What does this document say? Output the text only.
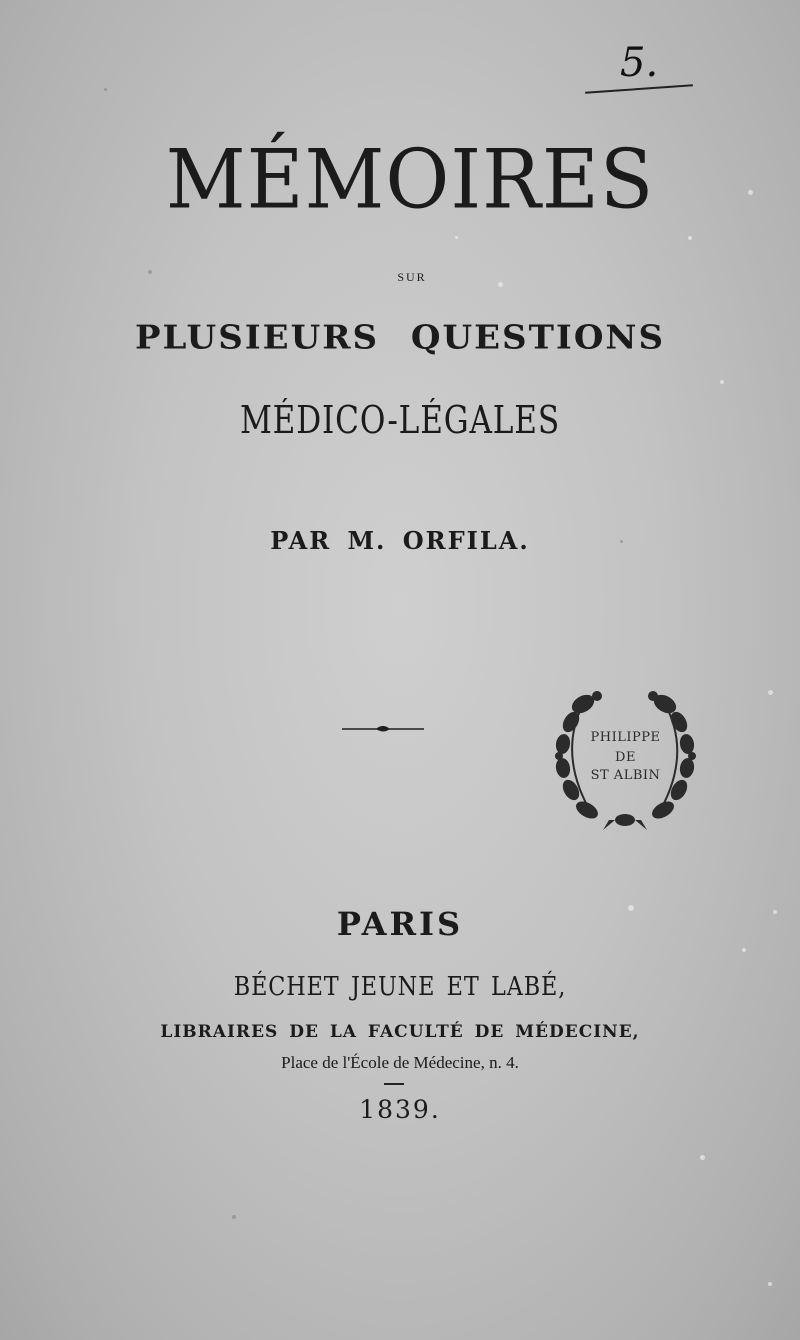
5.
MÉMOIRES
SUR
PLUSIEURS QUESTIONS
MÉDICO-LÉGALES
PAR M. ORFILA.
PHILIPPE
DE
ST ALBIN
PARIS
BÉCHET JEUNE ET LABÉ,
LIBRAIRES DE LA FACULTÉ DE MÉDECINE,
Place de l'École de Médecine, n. 4.
1839.
